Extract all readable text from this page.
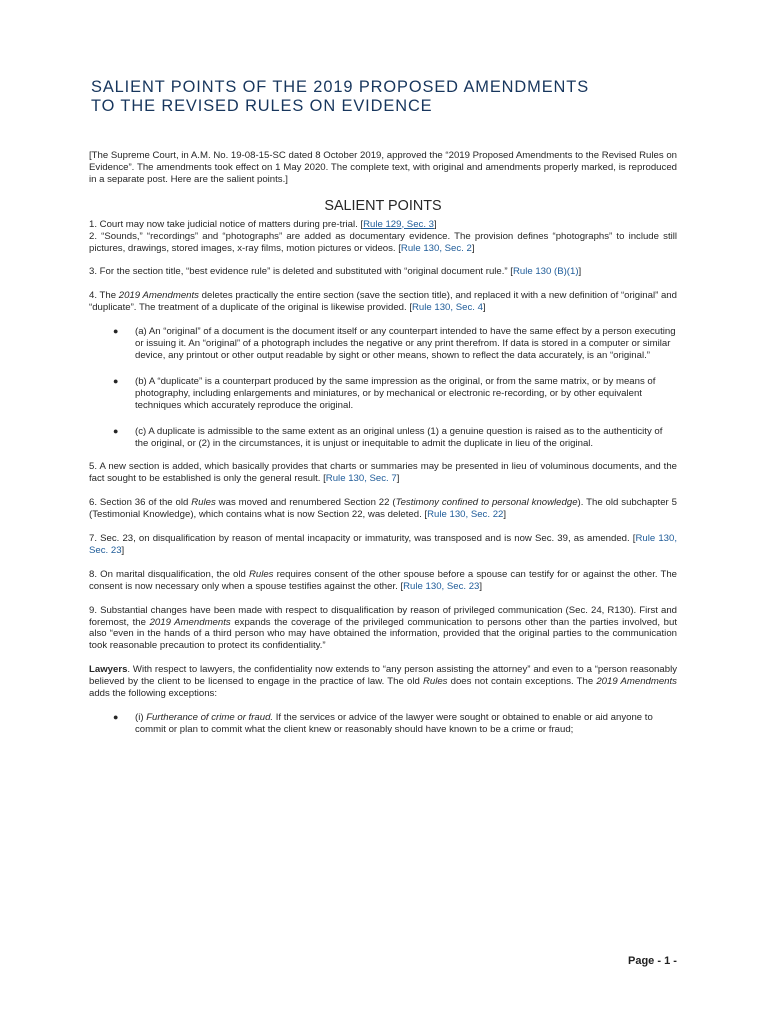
SALIENT POINTS OF THE 2019 PROPOSED AMENDMENTS
TO THE REVISED RULES ON EVIDENCE

[The Supreme Court, in A.M. No. 19-08-15-SC dated 8 October 2019, approved the “2019 Proposed Amendments to the Revised Rules on Evidence”. The amendments took effect on 1 May 2020. The complete text, with original and amendments properly marked, is reproduced in a separate post. Here are the salient points.]

SALIENT POINTS

1. Court may now take judicial notice of matters during pre-trial. [Rule 129, Sec. 3]

2. “Sounds,” “recordings” and “photographs” are added as documentary evidence. The provision defines “photographs” to include still pictures, drawings, stored images, x-ray films, motion pictures or videos. [Rule 130, Sec. 2]

3. For the section title, “best evidence rule” is deleted and substituted with “original document rule.” [Rule 130 (B)(1)]

4. The 2019 Amendments deletes practically the entire section (save the section title), and replaced it with a new definition of “original” and “duplicate”. The treatment of a duplicate of the original is likewise provided. [Rule 130, Sec. 4]

● (a) An “original” of a document is the document itself or any counterpart intended to have the same effect by a person executing or issuing it. An “original” of a photograph includes the negative or any print therefrom. If data is stored in a computer or similar device, any printout or other output readable by sight or other means, shown to reflect the data accurately, is an “original.”
● (b) A “duplicate” is a counterpart produced by the same impression as the original, or from the same matrix, or by means of photography, including enlargements and miniatures, or by mechanical or electronic re-recording, or by other equivalent techniques which accurately reproduce the original.
● (c) A duplicate is admissible to the same extent as an original unless (1) a genuine question is raised as to the authenticity of the original, or (2) in the circumstances, it is unjust or inequitable to admit the duplicate in lieu of the original.

5. A new section is added, which basically provides that charts or summaries may be presented in lieu of voluminous documents, and the fact sought to be established is only the general result. [Rule 130, Sec. 7]

6. Section 36 of the old Rules was moved and renumbered Section 22 (Testimony confined to personal knowledge). The old subchapter 5 (Testimonial Knowledge), which contains what is now Section 22, was deleted. [Rule 130, Sec. 22]

7. Sec. 23, on disqualification by reason of mental incapacity or immaturity, was transposed and is now Sec. 39, as amended. [Rule 130, Sec. 23]

8. On marital disqualification, the old Rules requires consent of the other spouse before a spouse can testify for or against the other. The consent is now necessary only when a spouse testifies against the other. [Rule 130, Sec. 23]

9. Substantial changes have been made with respect to disqualification by reason of privileged communication (Sec. 24, R130). First and foremost, the 2019 Amendments expands the coverage of the privileged communication to persons other than the parties involved, but also “even in the hands of a third person who may have obtained the information, provided that the original parties to the communication took reasonable precaution to protect its confidentiality.”

Lawyers. With respect to lawyers, the confidentiality now extends to “any person assisting the attorney” and even to a “person reasonably believed by the client to be licensed to engage in the practice of law. The old Rules does not contain exceptions. The 2019 Amendments adds the following exceptions:

● (i) Furtherance of crime or fraud. If the services or advice of the lawyer were sought or obtained to enable or aid anyone to commit or plan to commit what the client knew or reasonably should have known to be a crime or fraud;
Page - 1 -
